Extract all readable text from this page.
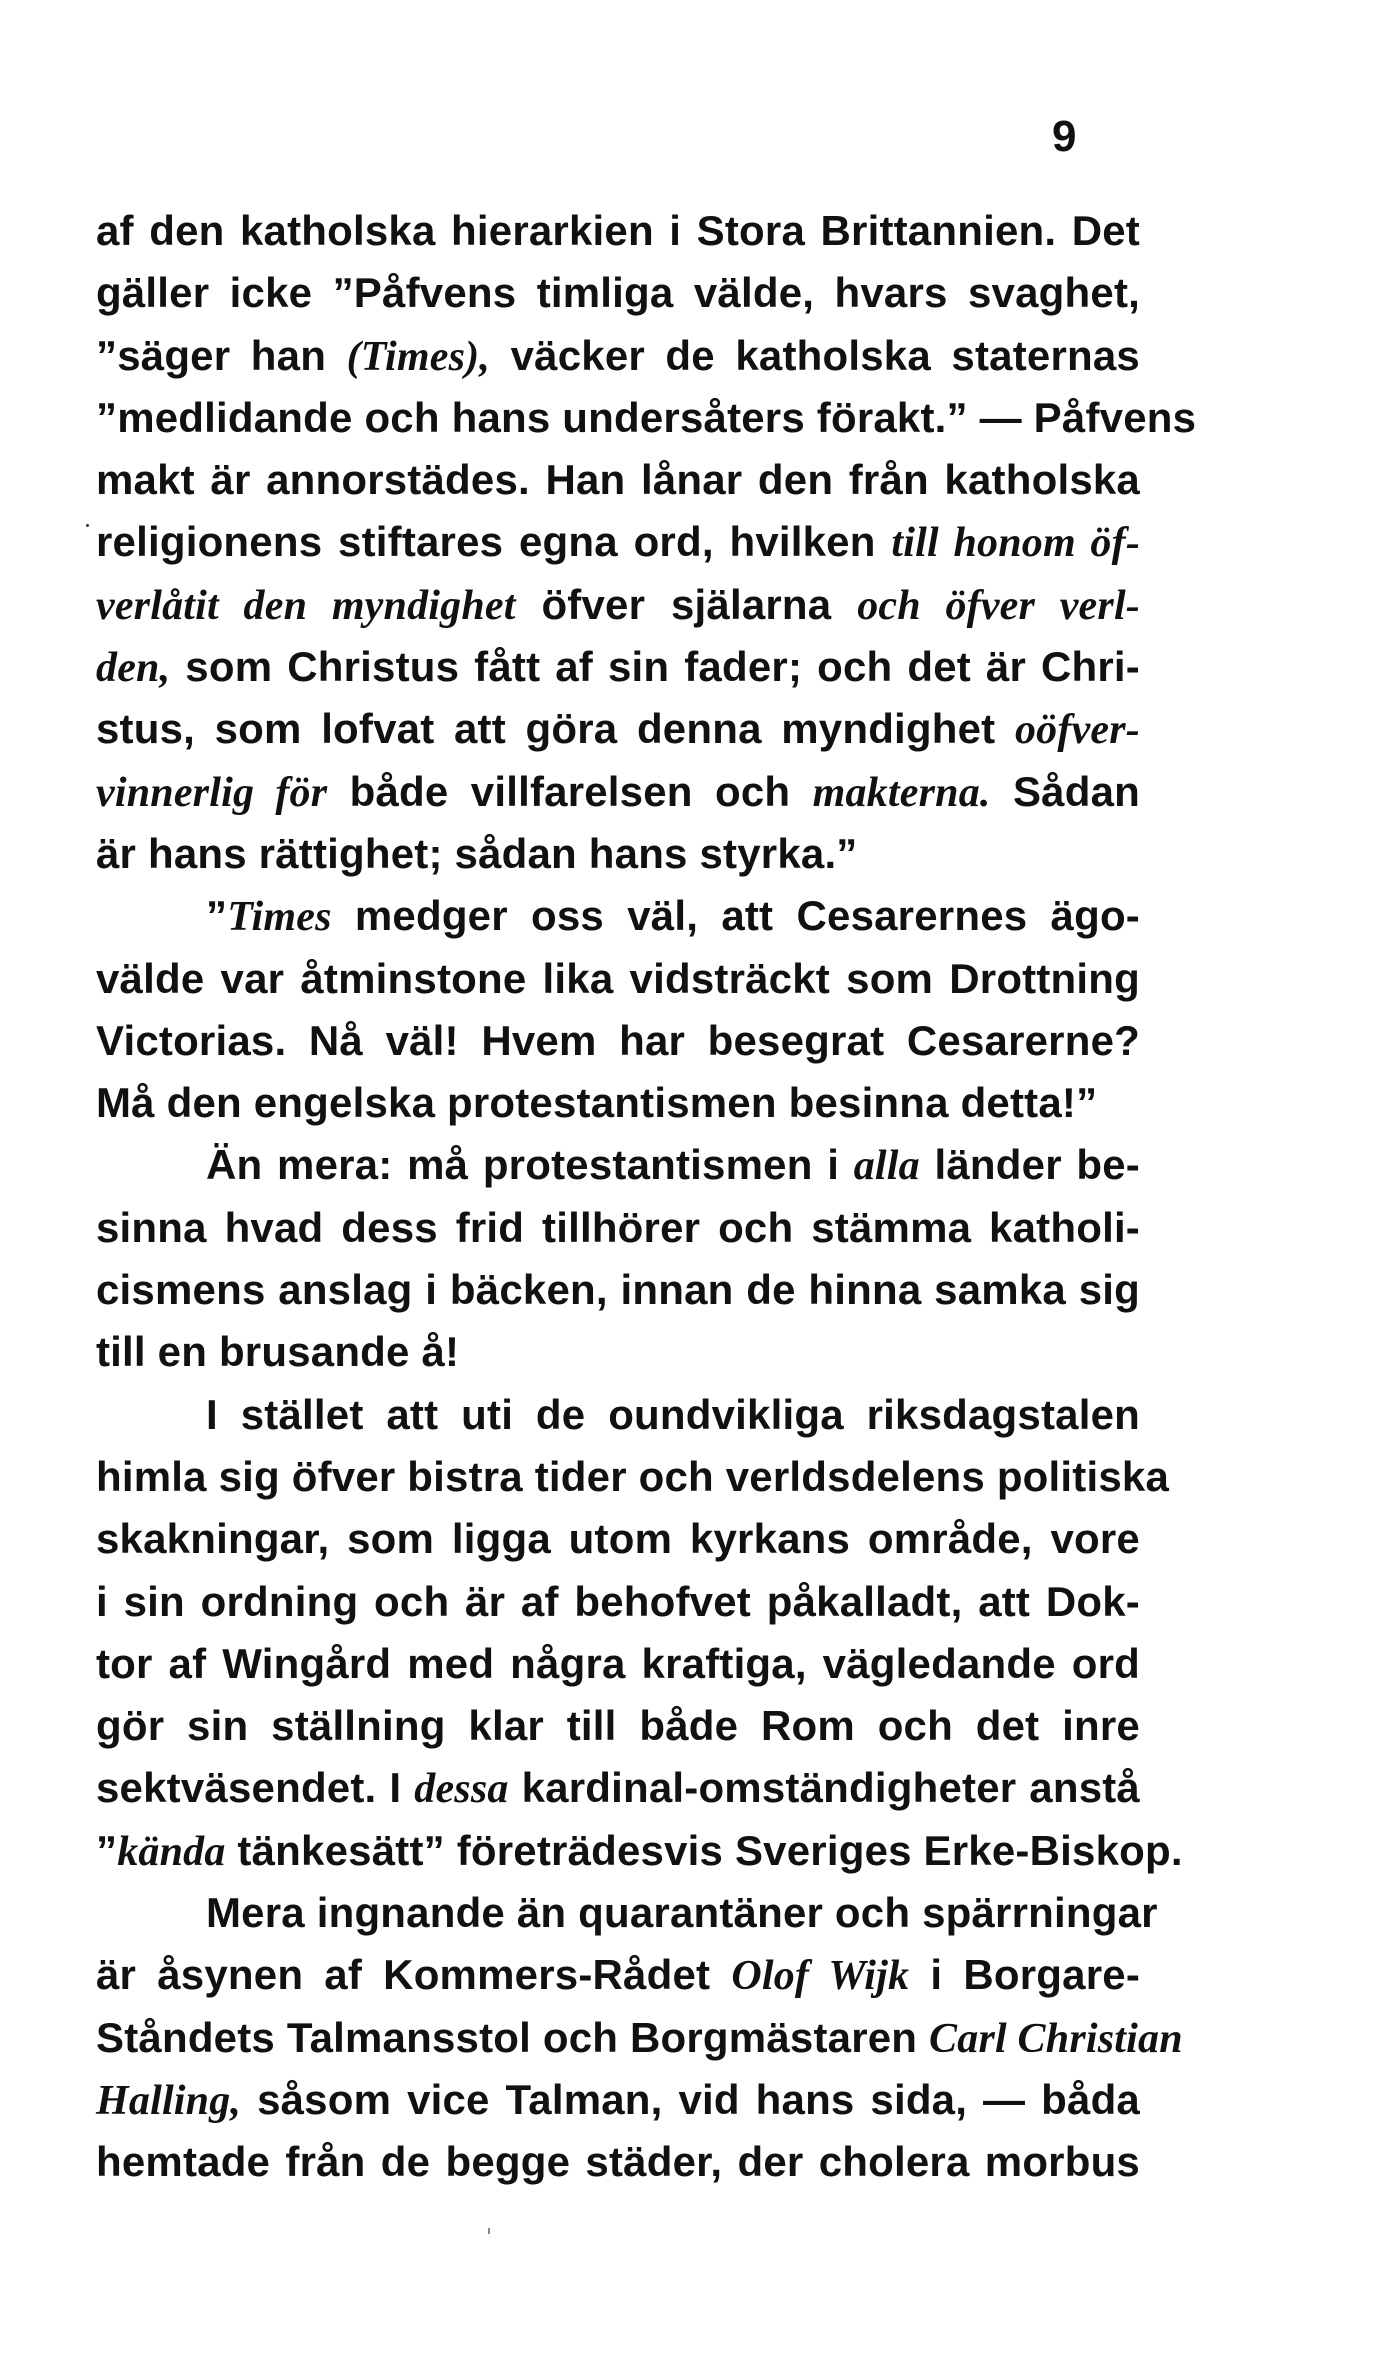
9
af den katholska hierarkien i Stora Brittannien. Det
gäller icke ”Påfvens timliga välde, hvars svaghet,
”säger han (Times), väcker de katholska staternas
”medlidande och hans undersåters förakt.” — Påfvens
makt är annorstädes. Han lånar den från katholska
religionens stiftares egna ord, hvilken till honom öf-
verlåtit den myndighet öfver själarna och öfver verl-
den, som Christus fått af sin fader; och det är Chri-
stus, som lofvat att göra denna myndighet oöfver-
vinnerlig för både villfarelsen och makterna. Sådan
är hans rättighet; sådan hans styrka.”
”Times medger oss väl, att Cesarernes ägo-
välde var åtminstone lika vidsträckt som Drottning
Victorias. Nå väl! Hvem har besegrat Cesarerne?
Må den engelska protestantismen besinna detta!”
Än mera: må protestantismen i alla länder be-
sinna hvad dess frid tillhörer och stämma katholi-
cismens anslag i bäcken, innan de hinna samka sig
till en brusande å!
I stället att uti de oundvikliga riksdagstalen
himla sig öfver bistra tider och verldsdelens politiska
skakningar, som ligga utom kyrkans område, vore
i sin ordning och är af behofvet påkalladt, att Dok-
tor af Wingård med några kraftiga, vägledande ord
gör sin ställning klar till både Rom och det inre
sektväsendet. I dessa kardinal-omständigheter anstå
”kända tänkesätt” företrädesvis Sveriges Erke-Biskop.
Mera ingnande än quarantäner och spärrningar
är åsynen af Kommers-Rådet Olof Wijk i Borgare-
Ståndets Talmansstol och Borgmästaren Carl Christian
Halling, såsom vice Talman, vid hans sida, — båda
hemtade från de begge städer, der cholera morbus
